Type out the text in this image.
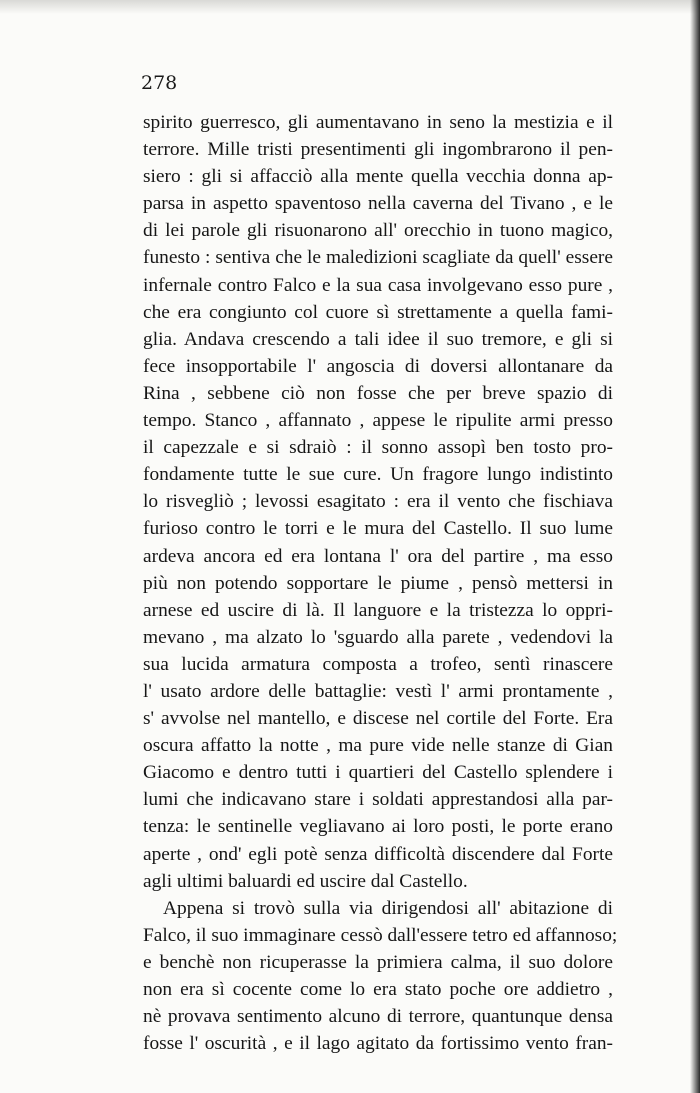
278
spirito guerresco, gli aumentavano in seno la mestizia e il
terrore. Mille tristi presentimenti gli ingombrarono il pen-
siero : gli si affacciò alla mente quella vecchia donna ap-
parsa in aspetto spaventoso nella caverna del Tivano , e le
di lei parole gli risuonarono all' orecchio in tuono magico,
funesto : sentiva che le maledizioni scagliate da quell' essere
infernale contro Falco e la sua casa involgevano esso pure ,
che era congiunto col cuore sì strettamente a quella fami-
glia. Andava crescendo a tali idee il suo tremore, e gli si
fece insopportabile l' angoscia di doversi allontanare da
Rina , sebbene ciò non fosse che per breve spazio di
tempo. Stanco , affannato , appese le ripulite armi presso
il capezzale e si sdraiò : il sonno assopì ben tosto pro-
fondamente tutte le sue cure. Un fragore lungo indistinto
lo risvegliò ; levossi esagitato : era il vento che fischiava
furioso contro le torri e le mura del Castello. Il suo lume
ardeva ancora ed era lontana l' ora del partire , ma esso
più non potendo sopportare le piume , pensò mettersi in
arnese ed uscire di là. Il languore e la tristezza lo oppri-
mevano , ma alzato lo 'sguardo alla parete , vedendovi la
sua lucida armatura composta a trofeo, sentì rinascere
l' usato ardore delle battaglie: vestì l' armi prontamente ,
s' avvolse nel mantello, e discese nel cortile del Forte. Era
oscura affatto la notte , ma pure vide nelle stanze di Gian
Giacomo e dentro tutti i quartieri del Castello splendere i
lumi che indicavano stare i soldati apprestandosi alla par-
tenza: le sentinelle vegliavano ai loro posti, le porte erano
aperte , ond' egli potè senza difficoltà discendere dal Forte
agli ultimi baluardi ed uscire dal Castello.
Appena si trovò sulla via dirigendosi all' abitazione di
Falco, il suo immaginare cessò dall'essere tetro ed affannoso;
e benchè non ricuperasse la primiera calma, il suo dolore
non era sì cocente come lo era stato poche ore addietro ,
nè provava sentimento alcuno di terrore, quantunque densa
fosse l' oscurità , e il lago agitato da fortissimo vento fran-
